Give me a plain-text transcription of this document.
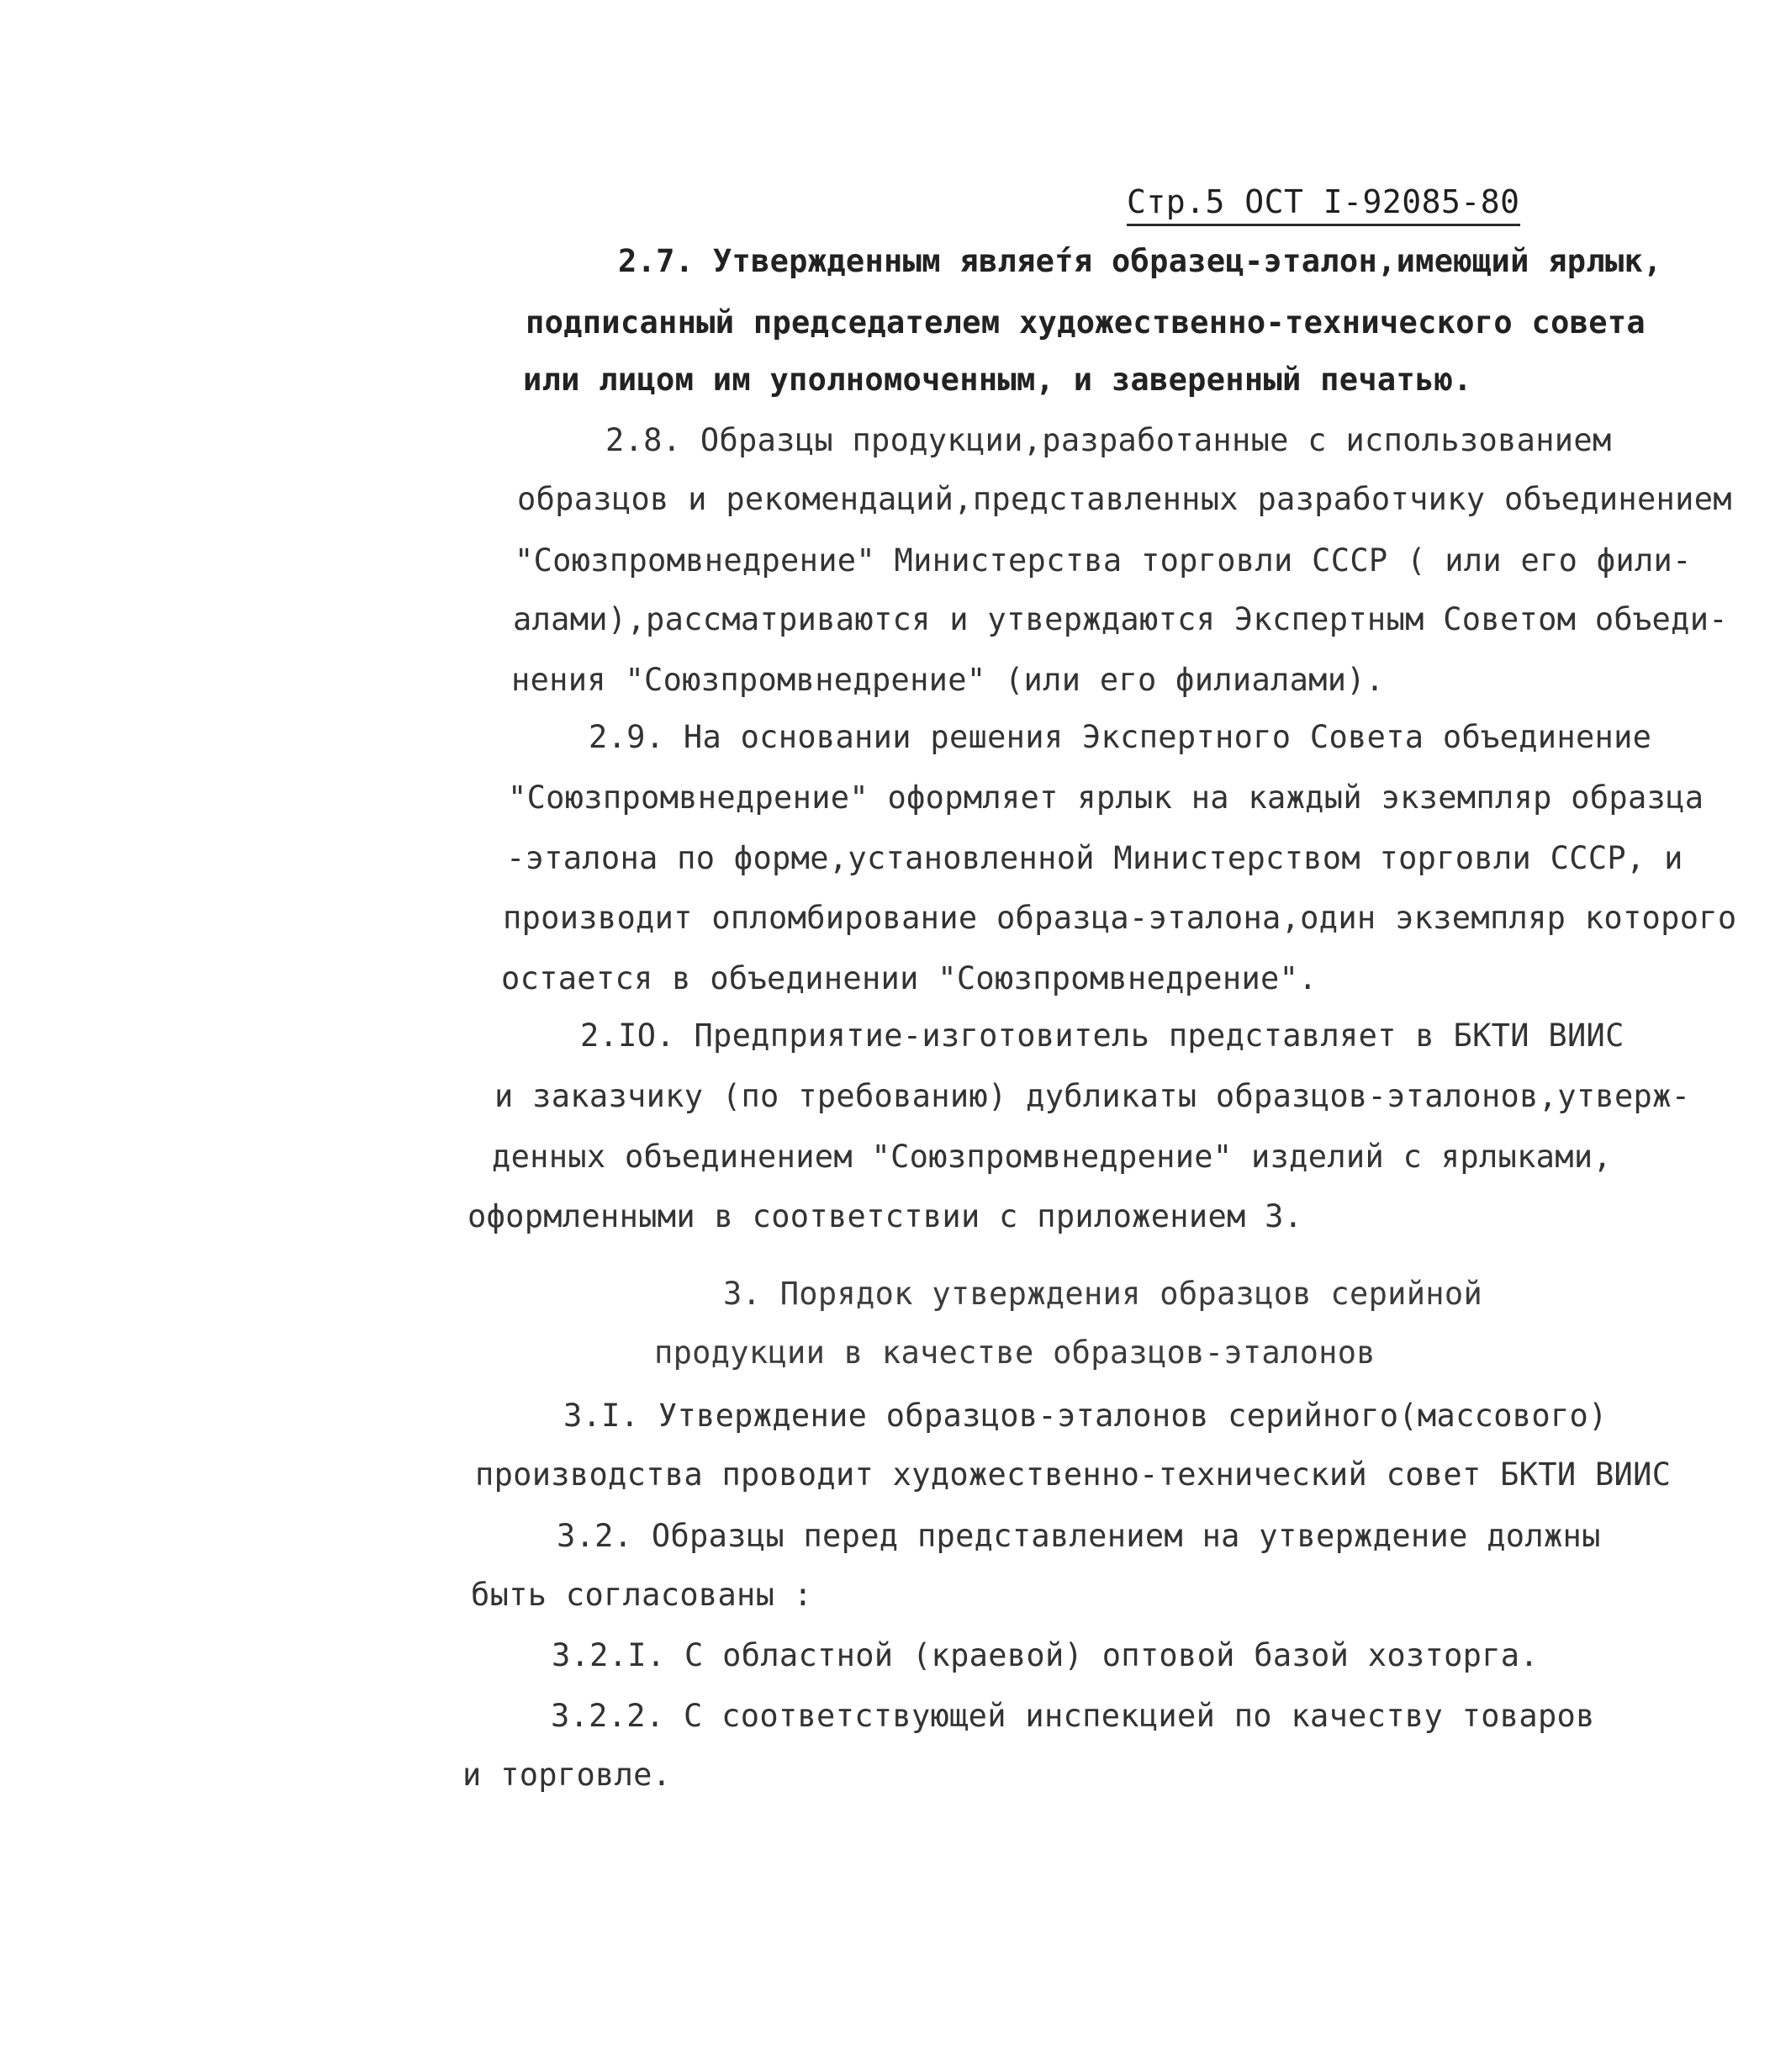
Стр.5 ОСТ I-92085-80
2.7. Утвержденным являет́я образец-эталон,имеющий ярлык,
подписанный председателем художественно-технического совета
или лицом им уполномоченным, и заверенный печатью.
2.8. Образцы продукции,разработанные с использованием
образцов и рекомендаций,представленных разработчику объединением
"Союзпромвнедрение" Министерства торговли СССР ( или его фили-
алами),рассматриваются и утверждаются Экспертным Советом объеди-
нения "Союзпромвнедрение" (или его филиалами).
2.9. На основании решения Экспертного Совета объединение
"Союзпромвнедрение" оформляет ярлык на каждый экземпляр образца
-эталона по форме,установленной Министерством торговли СССР, и
производит опломбирование образца-эталона,один экземпляр которого
остается в объединении "Союзпромвнедрение".
2.IO. Предприятие-изготовитель представляет в БКТИ ВИИС
и заказчику (по требованию) дубликаты образцов-эталонов,утверж-
денных объединением "Союзпромвнедрение" изделий с ярлыками,
оформленными в соответствии с приложением 3.
3. Порядок утверждения образцов серийной
продукции в качестве образцов-эталонов
3.I. Утверждение образцов-эталонов серийного(массового)
производства проводит художественно-технический совет БКТИ ВИИС
3.2. Образцы перед представлением на утверждение должны
быть согласованы :
3.2.I. С областной (краевой) оптовой базой хозторга.
3.2.2. С соответствующей инспекцией по качеству товаров
и торговле.
